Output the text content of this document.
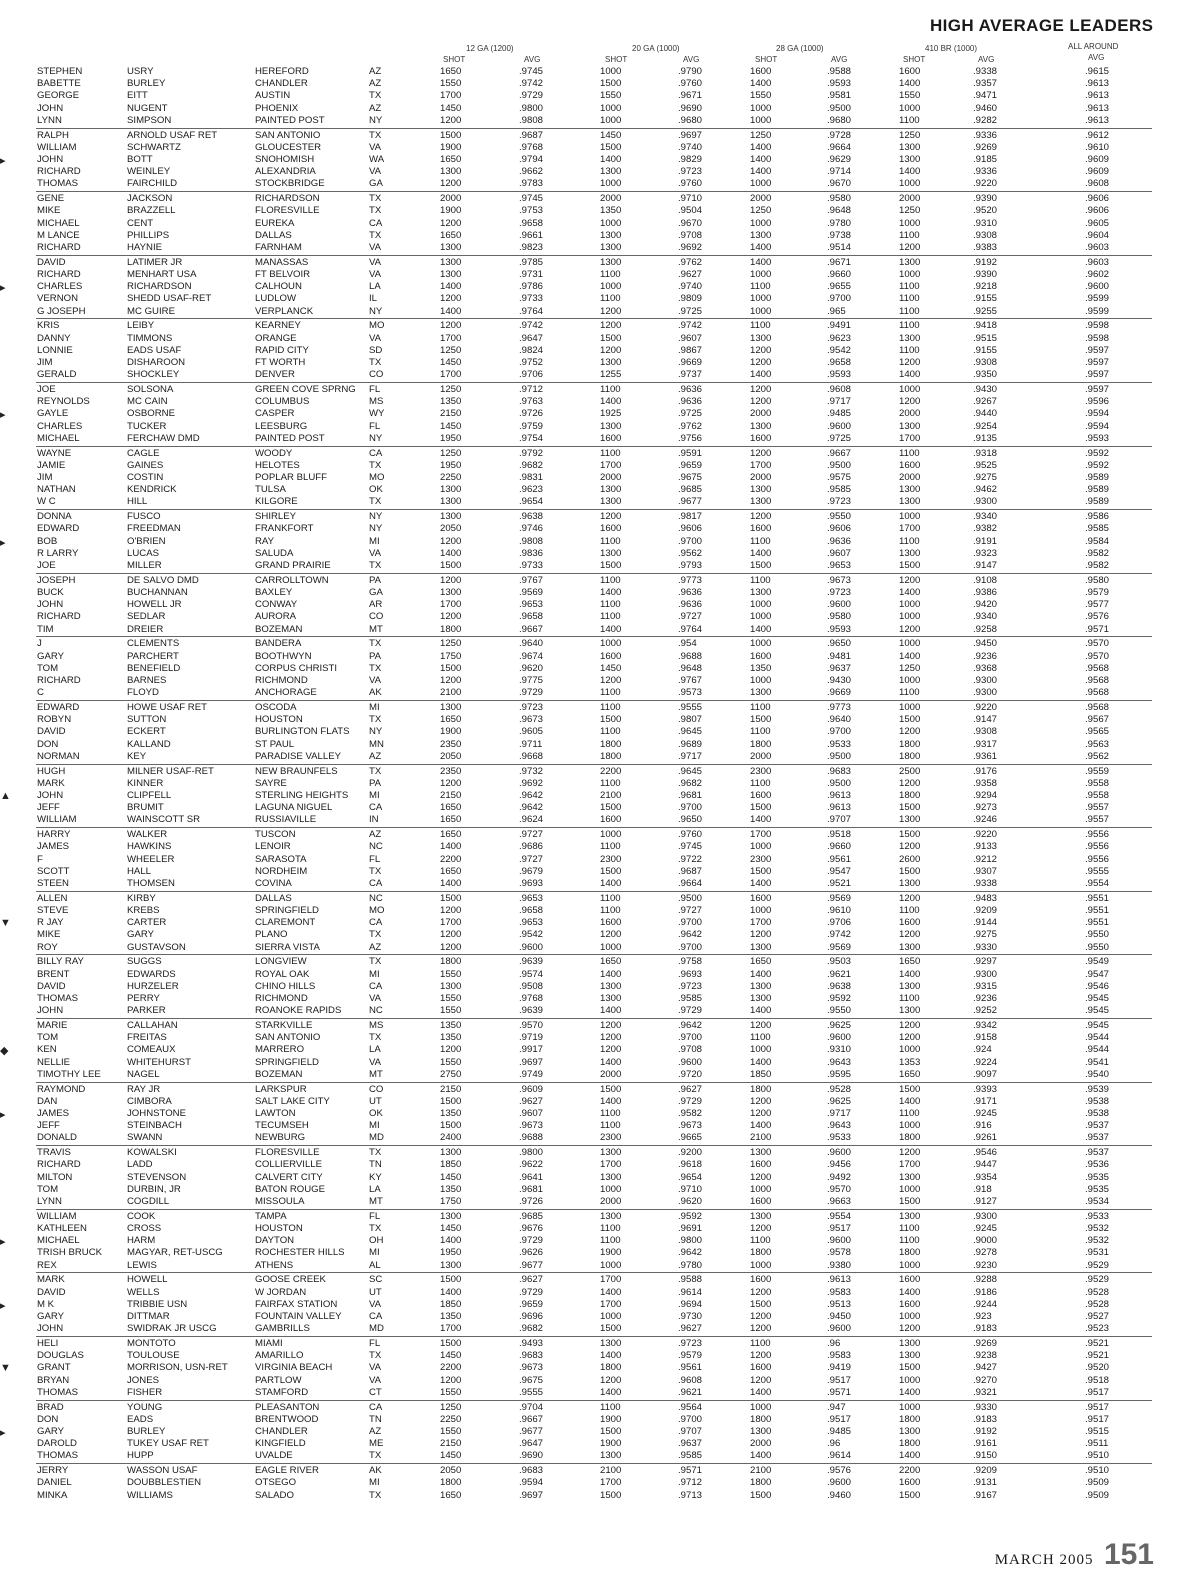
HIGH AVERAGE LEADERS
12 GA (1200)	20 GA (1000)	28 GA (1000)	410 BR (1000)	ALL AROUND
SHOT	AVG	SHOT	AVG	SHOT	AVG	SHOT	AVG	AVG
STEPHEN	USRY	HEREFORD	AZ	1650	.9745	1000	.9790	1600	.9588	1600	.9338	.9615
BABETTE	BURLEY	CHANDLER	AZ	1550	.9742	1500	.9760	1400	.9593	1400	.9357	.9613
GEORGE	EITT	AUSTIN	TX	1700	.9729	1550	.9671	1550	.9581	1550	.9471	.9613
JOHN	NUGENT	PHOENIX	AZ	1450	.9800	1000	.9690	1000	.9500	1000	.9460	.9613
LYNN	SIMPSON	PAINTED POST	NY	1200	.9808	1000	.9680	1000	.9680	1100	.9282	.9613
RALPH	ARNOLD USAF RET	SAN ANTONIO	TX	1500	.9687	1450	.9697	1250	.9728	1250	.9336	.9612
WILLIAM	SCHWARTZ	GLOUCESTER	VA	1900	.9768	1500	.9740	1400	.9664	1300	.9269	.9610
JOHN	BOTT	SNOHOMISH	WA	1650	.9794	1400	.9829	1400	.9629	1300	.9185	.9609
RICHARD	WEINLEY	ALEXANDRIA	VA	1300	.9662	1300	.9723	1400	.9714	1400	.9336	.9609
THOMAS	FAIRCHILD	STOCKBRIDGE	GA	1200	.9783	1000	.9760	1000	.9670	1000	.9220	.9608
GENE	JACKSON	RICHARDSON	TX	2000	.9745	2000	.9710	2000	.9580	2000	.9390	.9606
MIKE	BRAZZELL	FLORESVILLE	TX	1900	.9753	1350	.9504	1250	.9648	1250	.9520	.9606
MICHAEL	CENT	EUREKA	CA	1200	.9658	1000	.9670	1000	.9780	1000	.9310	.9605
M LANCE	PHILLIPS	DALLAS	TX	1650	.9661	1300	.9708	1300	.9738	1100	.9308	.9604
RICHARD	HAYNIE	FARNHAM	VA	1300	.9823	1300	.9692	1400	.9514	1200	.9383	.9603
DAVID	LATIMER JR	MANASSAS	VA	1300	.9785	1300	.9762	1400	.9671	1300	.9192	.9603
RICHARD	MENHART USA	FT BELVOIR	VA	1300	.9731	1100	.9627	1000	.9660	1000	.9390	.9602
CHARLES	RICHARDSON	CALHOUN	LA	1400	.9786	1000	.9740	1100	.9655	1100	.9218	.9600
VERNON	SHEDD USAF-RET	LUDLOW	IL	1200	.9733	1100	.9809	1000	.9700	1100	.9155	.9599
G JOSEPH	MC GUIRE	VERPLANCK	NY	1400	.9764	1200	.9725	1000	.965	1100	.9255	.9599
KRIS	LEIBY	KEARNEY	MO	1200	.9742	1200	.9742	1100	.9491	1100	.9418	.9598
DANNY	TIMMONS	ORANGE	VA	1700	.9647	1500	.9607	1300	.9623	1300	.9515	.9598
LONNIE	EADS USAF	RAPID CITY	SD	1250	.9824	1200	.9867	1200	.9542	1100	.9155	.9597
JIM	DISHAROON	FT WORTH	TX	1450	.9752	1300	.9669	1200	.9658	1200	.9308	.9597
GERALD	SHOCKLEY	DENVER	CO	1700	.9706	1255	.9737	1400	.9593	1400	.9350	.9597
JOE	SOLSONA	GREEN COVE SPRNG FL	1250	.9712	1100	.9636	1200	.9608	1000	.9430	.9597
REYNOLDS	MC CAIN	COLUMBUS	MS	1350	.9763	1400	.9636	1200	.9717	1200	.9267	.9596
GAYLE	OSBORNE	CASPER	WY	2150	.9726	1925	.9725	2000	.9485	2000	.9440	.9594
CHARLES	TUCKER	LEESBURG	FL	1450	.9759	1300	.9762	1300	.9600	1300	.9254	.9594
MICHAEL	FERCHAW DMD	PAINTED POST	NY	1950	.9754	1600	.9756	1600	.9725	1700	.9135	.9593
WAYNE	CAGLE	WOODY	CA	1250	.9792	1100	.9591	1200	.9667	1100	.9318	.9592
JAMIE	GAINES	HELOTES	TX	1950	.9682	1700	.9659	1700	.9500	1600	.9525	.9592
JIM	COSTIN	POPLAR BLUFF	MO	2250	.9831	2000	.9675	2000	.9575	2000	.9275	.9589
NATHAN	KENDRICK	TULSA	OK	1300	.9623	1300	.9685	1300	.9585	1300	.9462	.9589
W C	HILL	KILGORE	TX	1300	.9654	1300	.9677	1300	.9723	1300	.9300	.9589
DONNA	FUSCO	SHIRLEY	NY	1300	.9638	1200	.9817	1200	.9550	1000	.9340	.9586
EDWARD	FREEDMAN	FRANKFORT	NY	2050	.9746	1600	.9606	1600	.9606	1700	.9382	.9585
BOB	O'BRIEN	RAY	MI	1200	.9808	1100	.9700	1100	.9636	1100	.9191	.9584
R LARRY	LUCAS	SALUDA	VA	1400	.9836	1300	.9562	1400	.9607	1300	.9323	.9582
JOE	MILLER	GRAND PRAIRIE	TX	1500	.9733	1500	.9793	1500	.9653	1500	.9147	.9582
JOSEPH	DE SALVO DMD	CARROLLTOWN	PA	1200	.9767	1100	.9773	1100	.9673	1200	.9108	.9580
BUCK	BUCHANNAN	BAXLEY	GA	1300	.9569	1400	.9636	1300	.9723	1400	.9386	.9579
JOHN	HOWELL JR	CONWAY	AR	1700	.9653	1100	.9636	1000	.9600	1000	.9420	.9577
RICHARD	SEDLAR	AURORA	CO	1200	.9658	1100	.9727	1000	.9580	1000	.9340	.9576
TIM	DREIER	BOZEMAN	MT	1800	.9667	1400	.9764	1400	.9593	1200	.9258	.9571
J	CLEMENTS	BANDERA	TX	1250	.9640	1000	.954	1000	.9650	1000	.9450	.9570
GARY	PARCHERT	BOOTHWYN	PA	1750	.9674	1600	.9688	1600	.9481	1400	.9236	.9570
TOM	BENEFIELD	CORPUS CHRISTI	TX	1500	.9620	1450	.9648	1350	.9637	1250	.9368	.9568
RICHARD	BARNES	RICHMOND	VA	1200	.9775	1200	.9767	1000	.9430	1000	.9300	.9568
C	FLOYD	ANCHORAGE	AK	2100	.9729	1100	.9573	1300	.9669	1100	.9300	.9568
EDWARD	HOWE USAF RET	OSCODA	MI	1300	.9723	1100	.9555	1100	.9773	1000	.9220	.9568
ROBYN	SUTTON	HOUSTON	TX	1650	.9673	1500	.9807	1500	.9640	1500	.9147	.9567
DAVID	ECKERT	BURLINGTON FLATS NY	1900	.9605	1100	.9645	1100	.9700	1200	.9308	.9565
DON	KALLAND	ST PAUL	MN	2350	.9711	1800	.9689	1800	.9533	1800	.9317	.9563
NORMAN	KEY	PARADISE VALLEY	AZ	2050	.9668	1800	.9717	2000	.9500	1800	.9361	.9562
HUGH	MILNER USAF-RET	NEW BRAUNFELS	TX	2350	.9732	2200	.9645	2300	.9683	2500	.9176	.9559
MARK	KINNER	SAYRE	PA	1200	.9692	1100	.9682	1100	.9500	1200	.9358	.9558
JOHN	CLIPFELL	STERLING HEIGHTS MI	2150	.9642	2100	.9681	1600	.9613	1800	.9294	.9558
JEFF	BRUMIT	LAGUNA NIGUEL	CA	1650	.9642	1500	.9700	1500	.9613	1500	.9273	.9557
WILLIAM	WAINSCOTT SR	RUSSIAVILLE	IN	1650	.9624	1600	.9650	1400	.9707	1300	.9246	.9557
HARRY	WALKER	TUSCON	AZ	1650	.9727	1000	.9760	1700	.9518	1500	.9220	.9556
JAMES	HAWKINS	LENOIR	NC	1400	.9686	1100	.9745	1000	.9660	1200	.9133	.9556
F	WHEELER	SARASOTA	FL	2200	.9727	2300	.9722	2300	.9561	2600	.9212	.9556
SCOTT	HALL	NORDHEIM	TX	1650	.9679	1500	.9687	1500	.9547	1500	.9307	.9555
STEEN	THOMSEN	COVINA	CA	1400	.9693	1400	.9664	1400	.9521	1300	.9338	.9554
ALLEN	KIRBY	DALLAS	NC	1500	.9653	1100	.9500	1600	.9569	1200	.9483	.9551
STEVE	KREBS	SPRINGFIELD	MO	1200	.9658	1100	.9727	1000	.9610	1100	.9209	.9551
R JAY	CARTER	CLAREMONT	CA	1700	.9653	1600	.9700	1700	.9706	1600	.9144	.9551
MIKE	GARY	PLANO	TX	1200	.9542	1200	.9642	1200	.9742	1200	.9275	.9550
ROY	GUSTAVSON	SIERRA VISTA	AZ	1200	.9600	1000	.9700	1300	.9569	1300	.9330	.9550
BILLY RAY	SUGGS	LONGVIEW	TX	1800	.9639	1650	.9758	1650	.9503	1650	.9297	.9549
BRENT	EDWARDS	ROYAL OAK	MI	1550	.9574	1400	.9693	1400	.9621	1400	.9300	.9547
DAVID	HURZELER	CHINO HILLS	CA	1300	.9508	1300	.9723	1300	.9638	1300	.9315	.9546
THOMAS	PERRY	RICHMOND	VA	1550	.9768	1300	.9585	1300	.9592	1100	.9236	.9545
JOHN	PARKER	ROANOKE RAPIDS	NC	1550	.9639	1400	.9729	1400	.9550	1300	.9252	.9545
MARIE	CALLAHAN	STARKVILLE	MS	1350	.9570	1200	.9642	1200	.9625	1200	.9342	.9545
TOM	FREITAS	SAN ANTONIO	TX	1350	.9719	1200	.9700	1100	.9600	1200	.9158	.9544
KEN	COMEAUX	MARRERO	LA	1200	.9917	1200	.9708	1000	.9310	1000	.924	.9544
NELLIE	WHITEHURST	SPRINGFIELD	VA	1550	.9697	1400	.9600	1400	.9643	1353	.9224	.9541
TIMOTHY LEE	NAGEL	BOZEMAN	MT	2750	.9749	2000	.9720	1850	.9595	1650	.9097	.9540
RAYMOND	RAY JR	LARKSPUR	CO	2150	.9609	1500	.9627	1800	.9528	1500	.9393	.9539
DAN	CIMBORA	SALT LAKE CITY	UT	1500	.9627	1400	.9729	1200	.9625	1400	.9171	.9538
JAMES	JOHNSTONE	LAWTON	OK	1350	.9607	1100	.9582	1200	.9717	1100	.9245	.9538
JEFF	STEINBACH	TECUMSEH	MI	1500	.9673	1100	.9673	1400	.9643	1000	.916	.9537
DONALD	SWANN	NEWBURG	MD	2400	.9688	2300	.9665	2100	.9533	1800	.9261	.9537
TRAVIS	KOWALSKI	FLORESVILLE	TX	1300	.9800	1300	.9200	1300	.9600	1200	.9546	.9537
RICHARD	LADD	COLLIERVILLE	TN	1850	.9622	1700	.9618	1600	.9456	1700	.9447	.9536
MILTON	STEVENSON	CALVERT CITY	KY	1450	.9641	1300	.9654	1200	.9492	1300	.9354	.9535
TOM	DURBIN, JR	BATON ROUGE	LA	1350	.9681	1000	.9710	1000	.9570	1000	.918	.9535
LYNN	COGDILL	MISSOULA	MT	1750	.9726	2000	.9620	1600	.9663	1500	.9127	.9534
WILLIAM	COOK	TAMPA	FL	1300	.9685	1300	.9592	1300	.9554	1300	.9300	.9533
KATHLEEN	CROSS	HOUSTON	TX	1450	.9676	1100	.9691	1200	.9517	1100	.9245	.9532
MICHAEL	HARM	DAYTON	OH	1400	.9729	1100	.9800	1100	.9600	1100	.9000	.9532
TRISH BRUCK	MAGYAR, RET-USCG	ROCHESTER HILLS	MI	1950	.9626	1900	.9642	1800	.9578	1800	.9278	.9531
REX	LEWIS	ATHENS	AL	1300	.9677	1000	.9780	1000	.9380	1000	.9230	.9529
MARK	HOWELL	GOOSE CREEK	SC	1500	.9627	1700	.9588	1600	.9613	1600	.9288	.9529
DAVID	WELLS	W JORDAN	UT	1400	.9729	1400	.9614	1200	.9583	1400	.9186	.9528
M K	TRIBBIE USN	FAIRFAX STATION	VA	1850	.9659	1700	.9694	1500	.9513	1600	.9244	.9528
GARY	DITTMAR	FOUNTAIN VALLEY	CA	1350	.9696	1000	.9730	1200	.9450	1000	.923	.9527
JOHN	SWIDRAK JR USCG	GAMBRILLS	MD	1700	.9682	1500	.9627	1200	.9600	1200	.9183	.9523
HELI	MONTOTO	MIAMI	FL	1500	.9493	1300	.9723	1100	.96	1300	.9269	.9521
DOUGLAS	TOULOUSE	AMARILLO	TX	1450	.9683	1400	.9579	1200	.9583	1300	.9238	.9521
GRANT	MORRISON, USN-RET	VIRGINIA BEACH	VA	2200	.9673	1800	.9561	1600	.9419	1500	.9427	.9520
BRYAN	JONES	PARTLOW	VA	1200	.9675	1200	.9608	1200	.9517	1000	.9270	.9518
THOMAS	FISHER	STAMFORD	CT	1550	.9555	1400	.9621	1400	.9571	1400	.9321	.9517
BRAD	YOUNG	PLEASANTON	CA	1250	.9704	1100	.9564	1000	.947	1000	.9330	.9517
DON	EADS	BRENTWOOD	TN	2250	.9667	1900	.9700	1800	.9517	1800	.9183	.9517
GARY	BURLEY	CHANDLER	AZ	1550	.9677	1500	.9707	1300	.9485	1300	.9192	.9515
DAROLD	TUKEY USAF RET	KINGFIELD	ME	2150	.9647	1900	.9637	2000	.96	1800	.9161	.9511
THOMAS	HUPP	UVALDE	TX	1450	.9690	1300	.9585	1400	.9614	1400	.9150	.9510
JERRY	WASSON USAF	EAGLE RIVER	AK	2050	.9683	2100	.9571	2100	.9576	2200	.9209	.9510
DANIEL	DOUBBLESTIEN	OTSEGO	MI	1800	.9594	1700	.9712	1800	.9600	1600	.9131	.9509
MINKA	WILLIAMS	SALADO	TX	1650	.9697	1500	.9713	1500	.9460	1500	.9167	.9509
▸
▸
▸
▸
▲
▼
◆
▸
▸
▸
▼
▸
MARCH 2005 151
